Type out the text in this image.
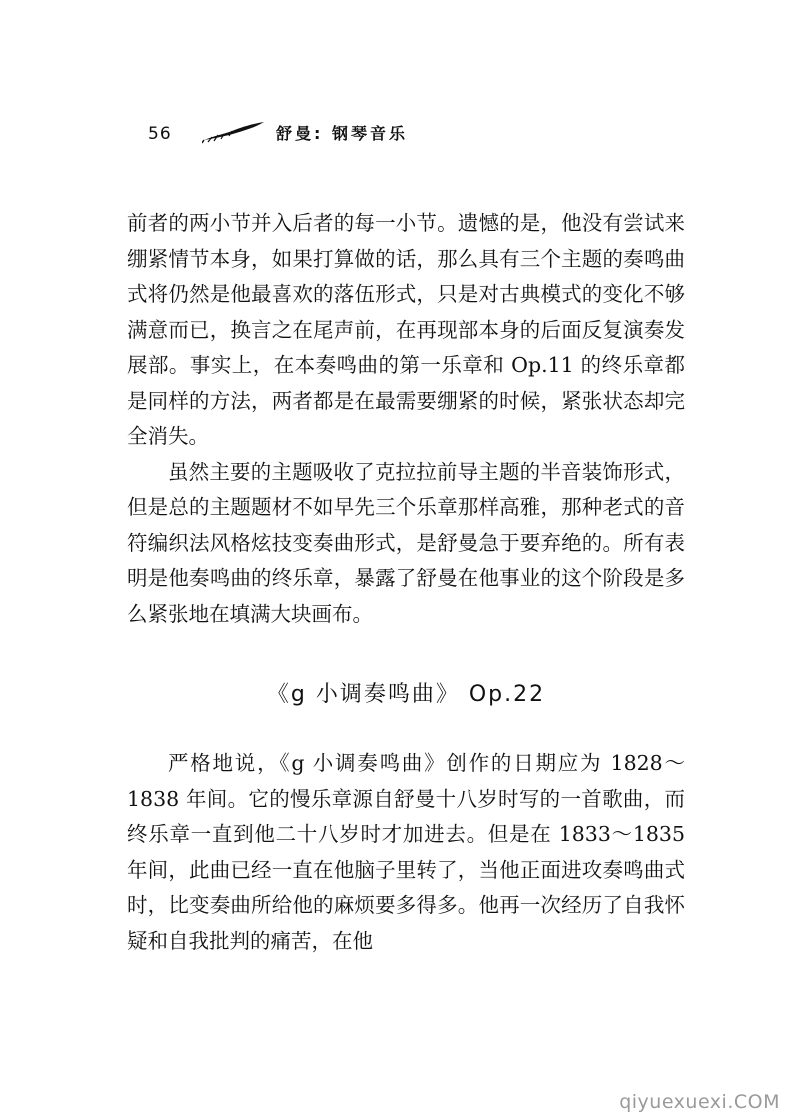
56	舒曼: 钢琴音乐

前者的两小节并入后者的每一小节。遗憾的是，他没有尝试来绷紧情节本身，如果打算做的话，那么具有三个主题的奏鸣曲式将仍然是他最喜欢的落伍形式，只是对古典模式的变化不够满意而已，换言之在尾声前，在再现部本身的后面反复演奏发展部。事实上，在本奏鸣曲的第一乐章和 Op.11 的终乐章都是同样的方法，两者都是在最需要绷紧的时候，紧张状态却完全消失。

虽然主要的主题吸收了克拉拉前导主题的半音装饰形式，但是总的主题题材不如早先三个乐章那样高雅，那种老式的音符编织法风格炫技变奏曲形式，是舒曼急于要弃绝的。所有表明是他奏鸣曲的终乐章，暴露了舒曼在他事业的这个阶段是多么紧张地在填满大块画布。

《g 小调奏鸣曲》 Op.22

严格地说，《g 小调奏鸣曲》创作的日期应为 1828～1838 年间。它的慢乐章源自舒曼十八岁时写的一首歌曲，而终乐章一直到他二十八岁时才加进去。但是在 1833～1835 年间，此曲已经一直在他脑子里转了，当他正面进攻奏鸣曲式时，比变奏曲所给他的麻烦要多得多。他再一次经历了自我怀疑和自我批判的痛苦，在他

qiyuexuexi.COM
